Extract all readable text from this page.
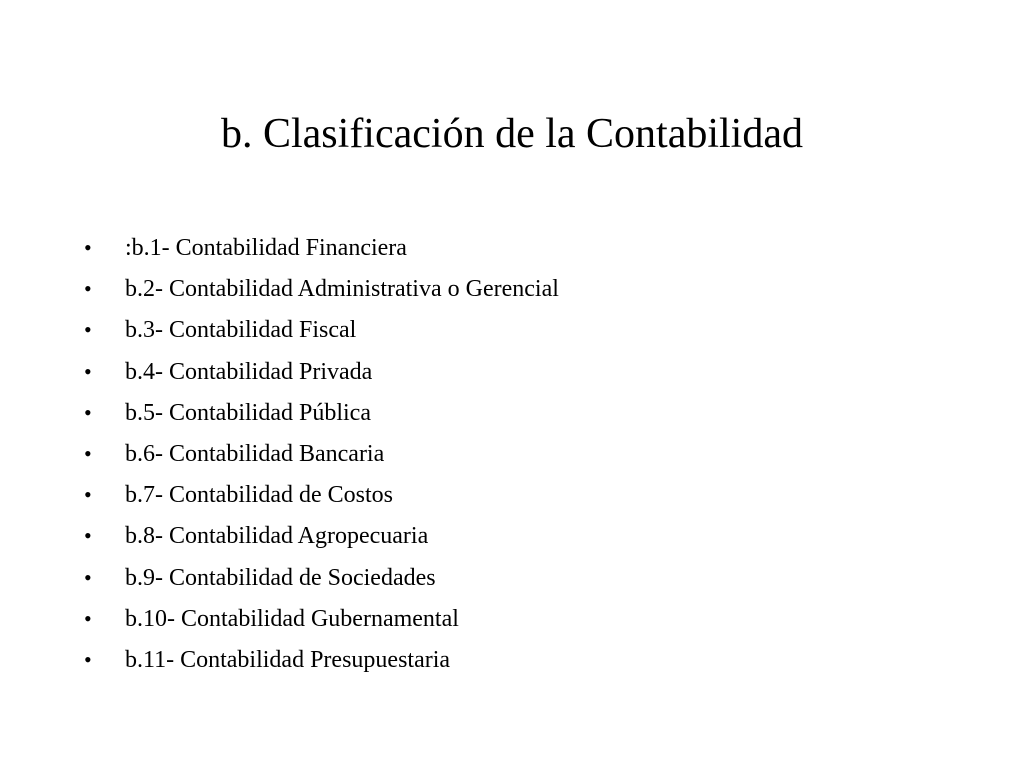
b. Clasificación de la Contabilidad
•	:b.1- Contabilidad Financiera
•	b.2- Contabilidad Administrativa o Gerencial
•	b.3- Contabilidad Fiscal
•	b.4- Contabilidad Privada
•	b.5- Contabilidad Pública
•	b.6- Contabilidad Bancaria
•	b.7- Contabilidad de Costos
•	b.8- Contabilidad Agropecuaria
•	b.9- Contabilidad de Sociedades
•	b.10- Contabilidad Gubernamental
•	b.11- Contabilidad Presupuestaria
